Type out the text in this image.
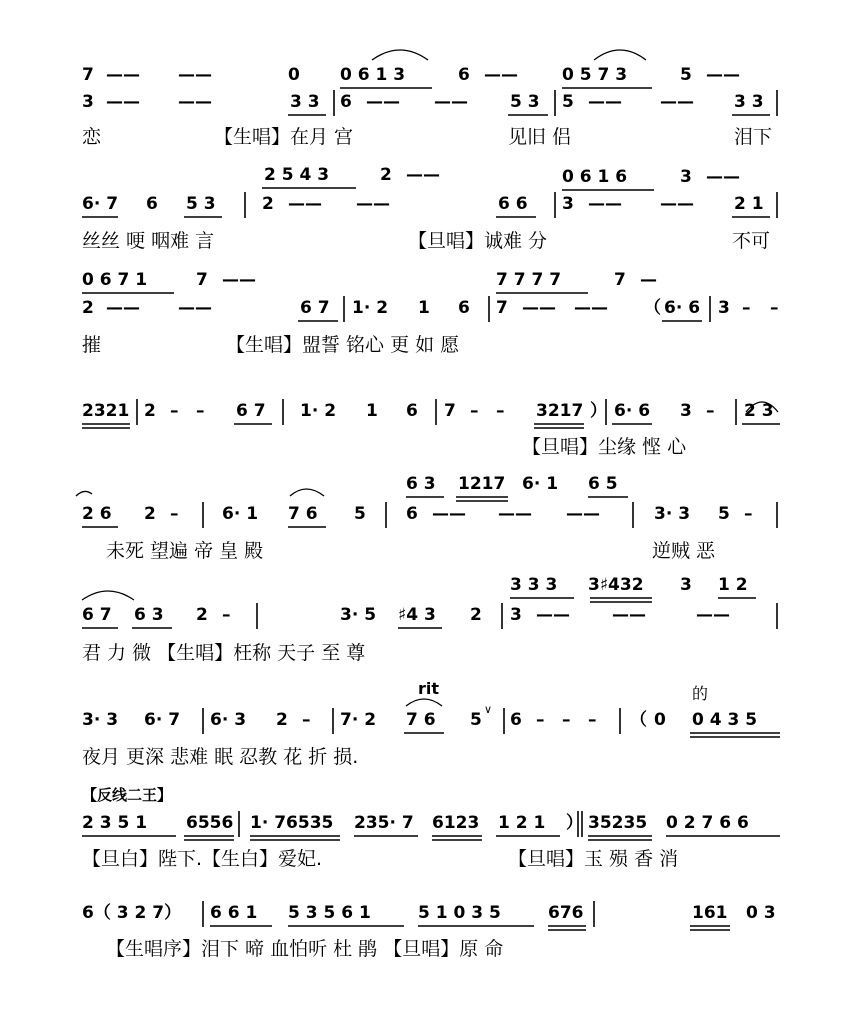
7 —— ——	0 0 6 1 3	6 ——	0 5 7 3	5 ——
3 —— ——	3 3 6 —— —— 5 3 5 —— —— 3 3
恋	【生唱】在月 宫	见旧 侣	泪下
2 5 4 3	2 ——	0 6 1 6	3 ——
6· 7 6 5 3	2 —— ——	6 6 3 —— —— 2 1
丝丝 哽 咽难 言	【旦唱】诚难 分	不可
0 6 7 1	7 ——	7 7 7 7	7 —
2 —— ——	6 7 1· 2 1 6 7 —— —— （ 6· 6 3 – –
摧	【生唱】盟誓 铭心 更 如 愿
2321 2 – – 6 7 1· 2 1 6 7 – – 3217 ） 6· 6 3 – 2 3
【旦唱】尘缘 悭 心
6 3 1217 6· 1 6 5
2 6 2 –	6· 1 7 6 5 6 —— —— ——	3· 3 5 –
未死 望遍 帝 皇 殿	逆贼 恶
3 3 3 3♯432 3 1 2
6 7 6 3 2 –	3· 5 ♯4 3 2 3 —— ——	——
君 力 微 【生唱】枉称 天子 至 尊
rit	的
3· 3 6· 7 6· 3 2 – 7· 2 7 6 5 6 – – – （ 0 0 4 3 5
夜月 更深 悲难 眠 忍教 花 折 损.
【反线二王】
2 3 5 1 6556 1· 76535 235· 7 6123 1 2 1 ） 35235 0 2 7 6 6
【旦白】陛下.【生白】爱妃.	【旦唱】玉 殒 香 消
6（ 3 2 7） 6 6 1 5 3 5 6 1	5 1 0 3 5	676	161 0 3
【生唱序】泪下 啼 血怕听 杜 鹃 【旦唱】原 命
∨
